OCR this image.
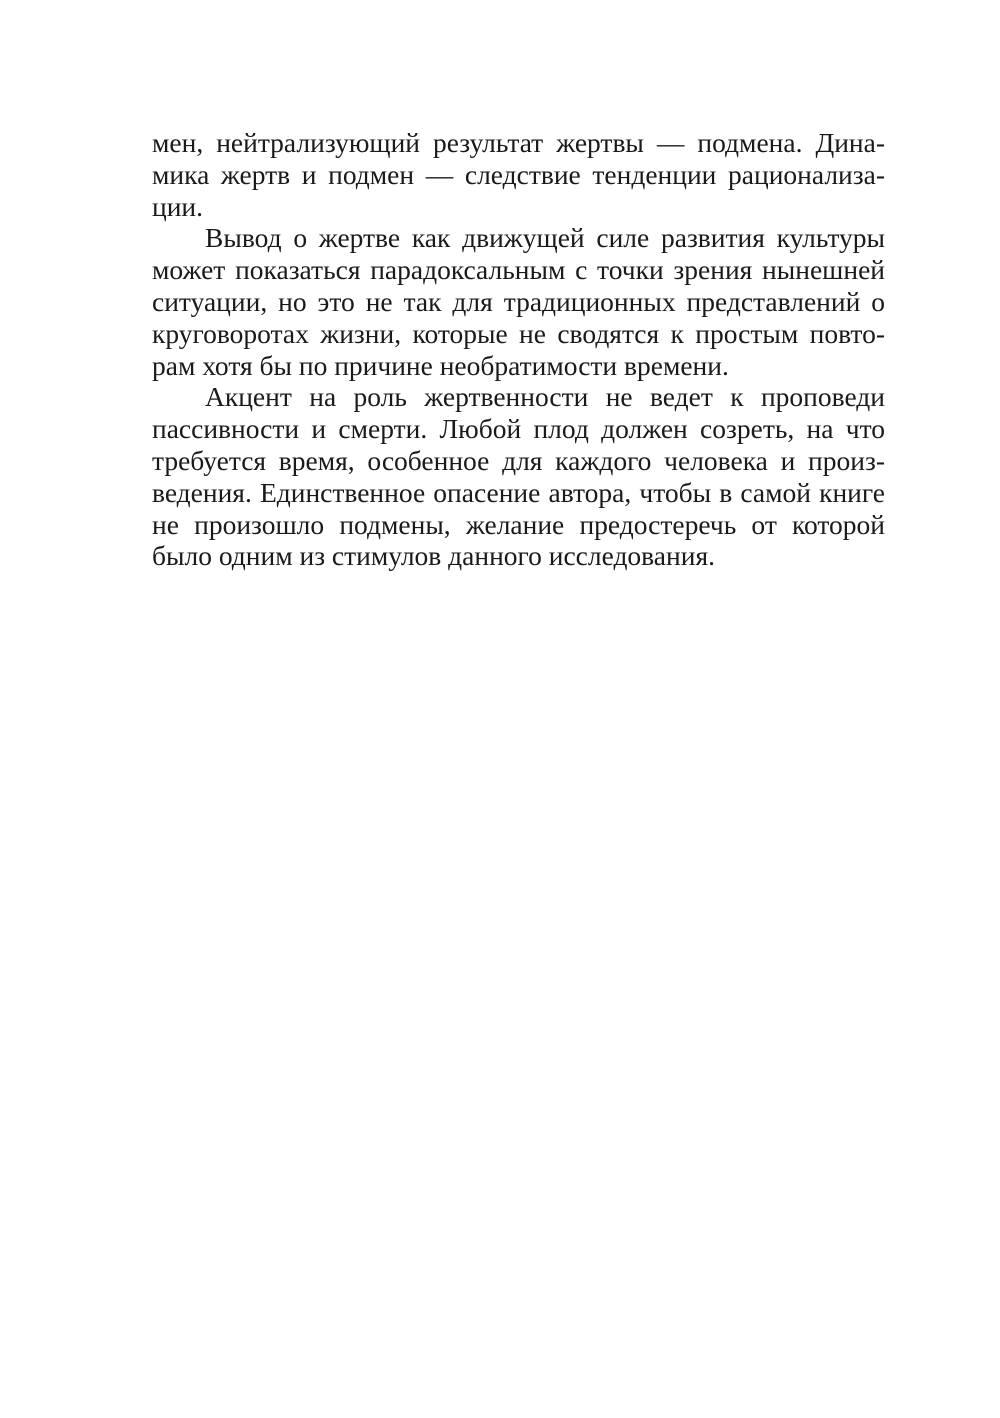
мен, нейтрализующий результат жертвы — подмена. Дина-
мика жертв и подмен — следствие тенденции рационализа-
ции.

Вывод о жертве как движущей силе развития культуры
может показаться парадоксальным с точки зрения нынешней
ситуации, но это не так для традиционных представлений о
круговоротах жизни, которые не сводятся к простым повто-
рам хотя бы по причине необратимости времени.

Акцент на роль жертвенности не ведет к проповеди
пассивности и смерти. Любой плод должен созреть, на что
требуется время, особенное для каждого человека и произ-
ведения. Единственное опасение автора, чтобы в самой книге
не произошло подмены, желание предостеречь от которой
было одним из стимулов данного исследования.
